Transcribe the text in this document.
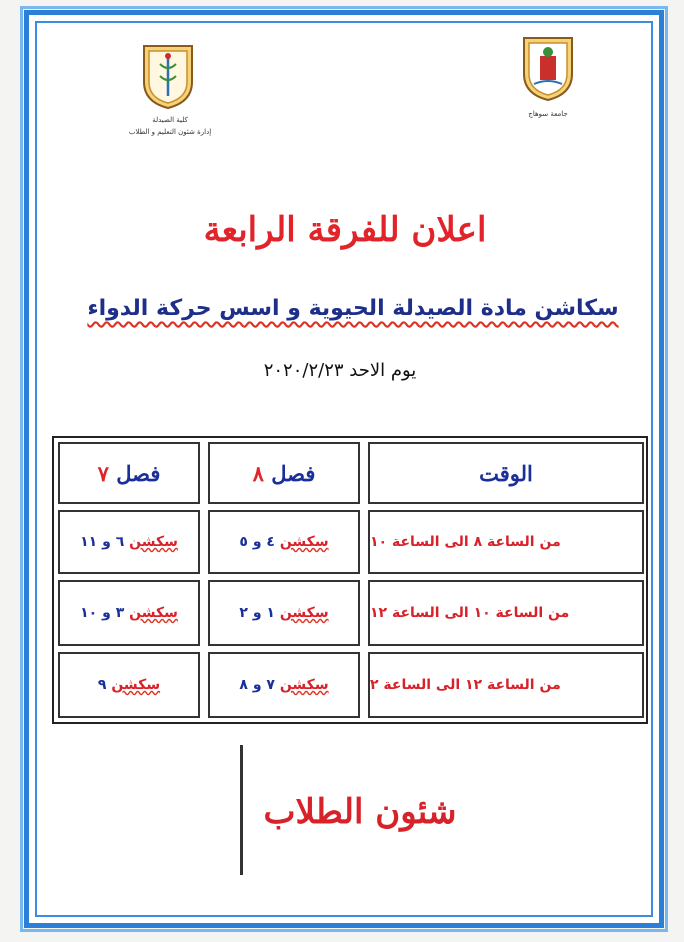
جامعة سوهاج
كلية الصيدلة
إدارة شئون التعليم و الطلاب
اعلان للفرقة الرابعة
سكاشن مادة الصيدلة الحيوية و اسس حركة الدواء
يوم الاحد ٢٠٢٠/٢/٢٣
الوقت
فصل

٨
فصل

٧
من الساعة ٨ الى الساعة ١٠
سكشن

٤ و ٥
سكشن

٦ و ١١
من الساعة ١٠ الى الساعة ١٢
سكشن

١ و ٢
سكشن

٣ و ١٠
من الساعة ١٢ الى الساعة ٢
سكشن

٧ و ٨
سكشن

٩
شئون الطلاب
